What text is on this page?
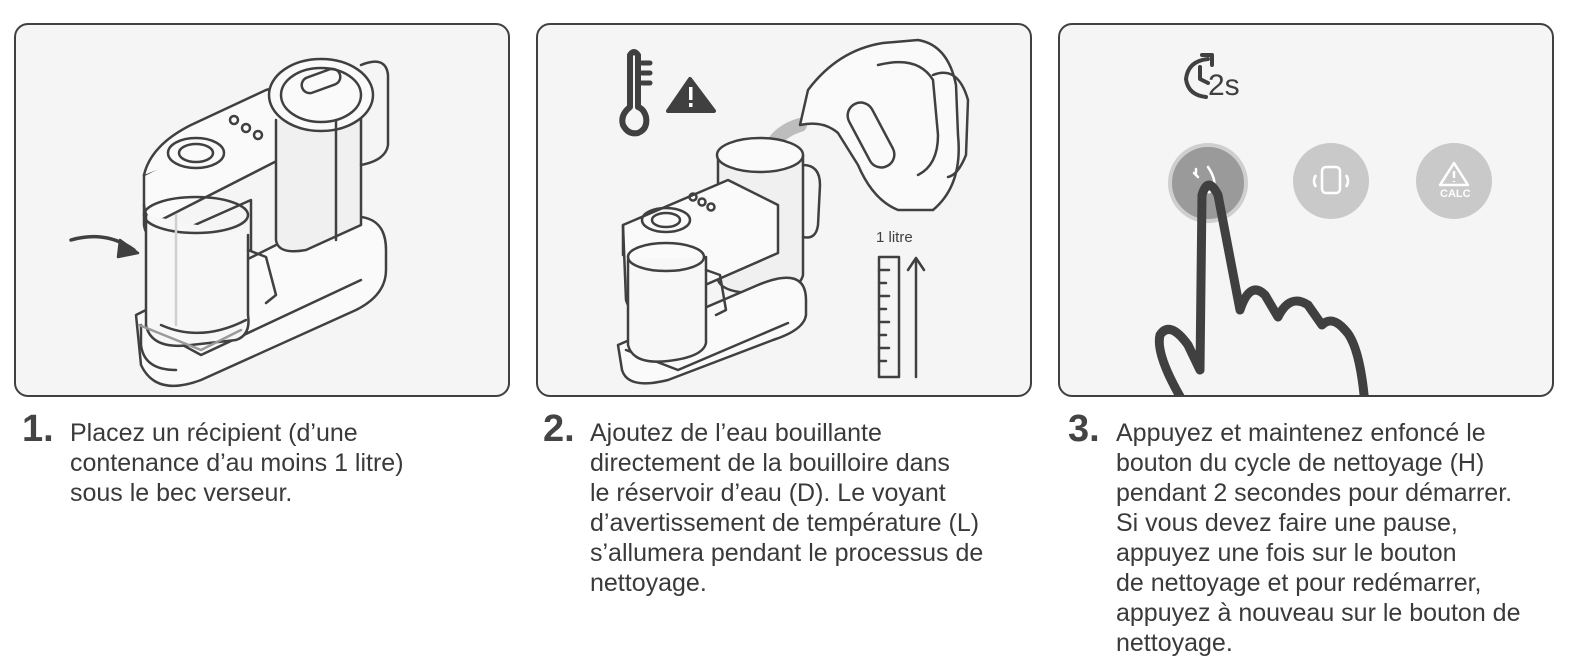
1 litre
2s
CALC
1. Placez un récipient (d’une
contenance d’au moins 1 litre)
sous le bec verseur.
2. Ajoutez de l’eau bouillante
directement de la bouilloire dans
le réservoir d’eau (D). Le voyant
d’avertissement de température (L)
s’allumera pendant le processus de
nettoyage.
3. Appuyez et maintenez enfoncé le
bouton du cycle de nettoyage (H)
pendant 2 secondes pour démarrer.
Si vous devez faire une pause,
appuyez une fois sur le bouton
de nettoyage et pour redémarrer,
appuyez à nouveau sur le bouton de
nettoyage.
